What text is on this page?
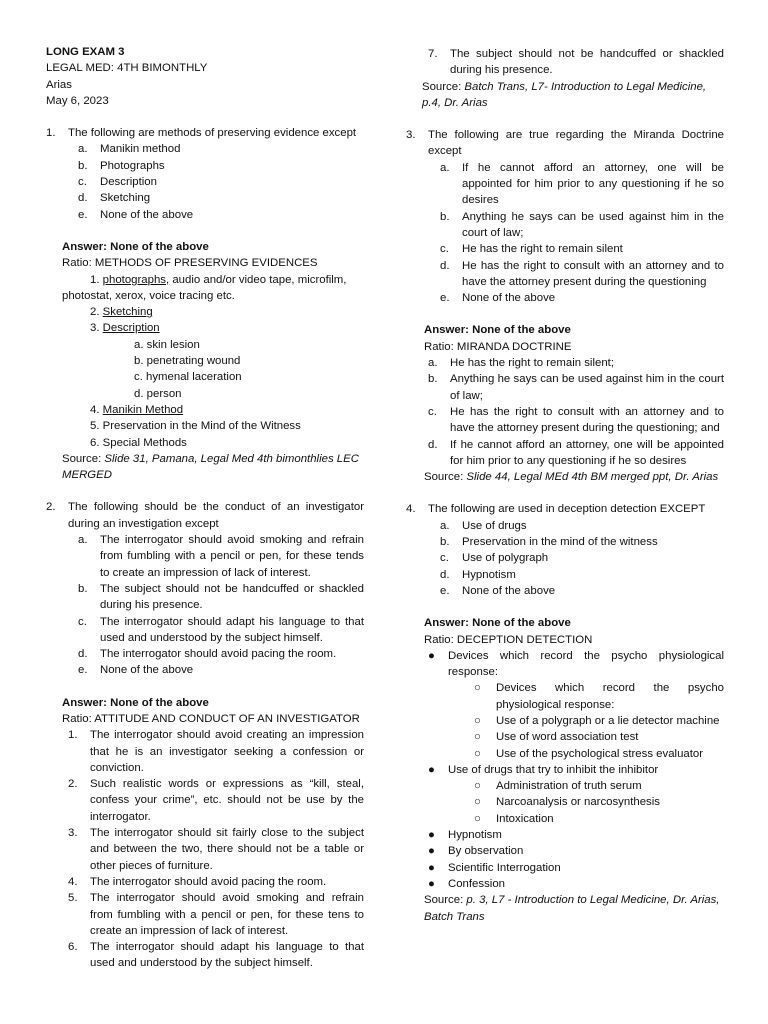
LONG EXAM 3

LEGAL MED: 4TH BIMONTHLY

Arias

May 6, 2023

1.	The following are methods of preserving evidence except
a.	Manikin method
b.	Photographs
c.	Description
d.	Sketching
e.	None of the above

Answer: None of the above

Ratio: METHODS OF PRESERVING EVIDENCES

1. photographs, audio and/or video tape, microfilm,

photostat, xerox, voice tracing etc.

2. Sketching

3. Description

a. skin lesion

b. penetrating wound

c. hymenal laceration

d. person

4. Manikin Method

5. Preservation in the Mind of the Witness

6. Special Methods

Source: Slide 31, Pamana, Legal Med 4th bimonthlies LEC MERGED

2.	The following should be the conduct of an investigator during an investigation except
a.	The interrogator should avoid smoking and refrain from fumbling with a pencil or pen, for these tends to create an impression of lack of interest.
b.	The subject should not be handcuffed or shackled during his presence.
c.	The interrogator should adapt his language to that used and understood by the subject himself.
d.	The interrogator should avoid pacing the room.
e.	None of the above

Answer: None of the above

Ratio: ATTITUDE AND CONDUCT OF AN INVESTIGATOR

1.	The interrogator should avoid creating an impression that he is an investigator seeking a confession or conviction.
2.	Such realistic words or expressions as “kill, steal, confess your crime”, etc. should not be use by the interrogator.
3.	The interrogator should sit fairly close to the subject and between the two, there should not be a table or other pieces of furniture.
4.	The interrogator should avoid pacing the room.
5.	The interrogator should avoid smoking and refrain from fumbling with a pencil or pen, for these tens to create an impression of lack of interest.
6.	The interrogator should adapt his language to that used and understood by the subject himself.
7.	The subject should not be handcuffed or shackled during his presence.

Source: Batch Trans, L7- Introduction to Legal Medicine, p.4, Dr. Arias

3.	The following are true regarding the Miranda Doctrine except
a.	If he cannot afford an attorney, one will be appointed for him prior to any questioning if he so desires
b.	Anything he says can be used against him in the court of law;
c.	He has the right to remain silent
d.	He has the right to consult with an attorney and to have the attorney present during the questioning
e.	None of the above

Answer: None of the above

Ratio: MIRANDA DOCTRINE

a.	He has the right to remain silent;
b.	Anything he says can be used against him in the court of law;
c.	He has the right to consult with an attorney and to have the attorney present during the questioning; and
d.	If he cannot afford an attorney, one will be appointed for him prior to any questioning if he so desires

Source: Slide 44, Legal MEd 4th BM merged ppt, Dr. Arias

4.	The following are used in deception detection EXCEPT
a.	Use of drugs
b.	Preservation in the mind of the witness
c.	Use of polygraph
d.	Hypnotism
e.	None of the above

Answer: None of the above

Ratio: DECEPTION DETECTION

●	Devices which record the psycho physiological response:
○	Devices which record the psycho physiological response:
○	Use of a polygraph or a lie detector machine
○	Use of word association test
○	Use of the psychological stress evaluator
●	Use of drugs that try to inhibit the inhibitor
○	Administration of truth serum
○	Narcoanalysis or narcosynthesis
○	Intoxication
●	Hypnotism
●	By observation
●	Scientific Interrogation
●	Confession

Source: p. 3, L7 - Introduction to Legal Medicine, Dr. Arias, Batch Trans
